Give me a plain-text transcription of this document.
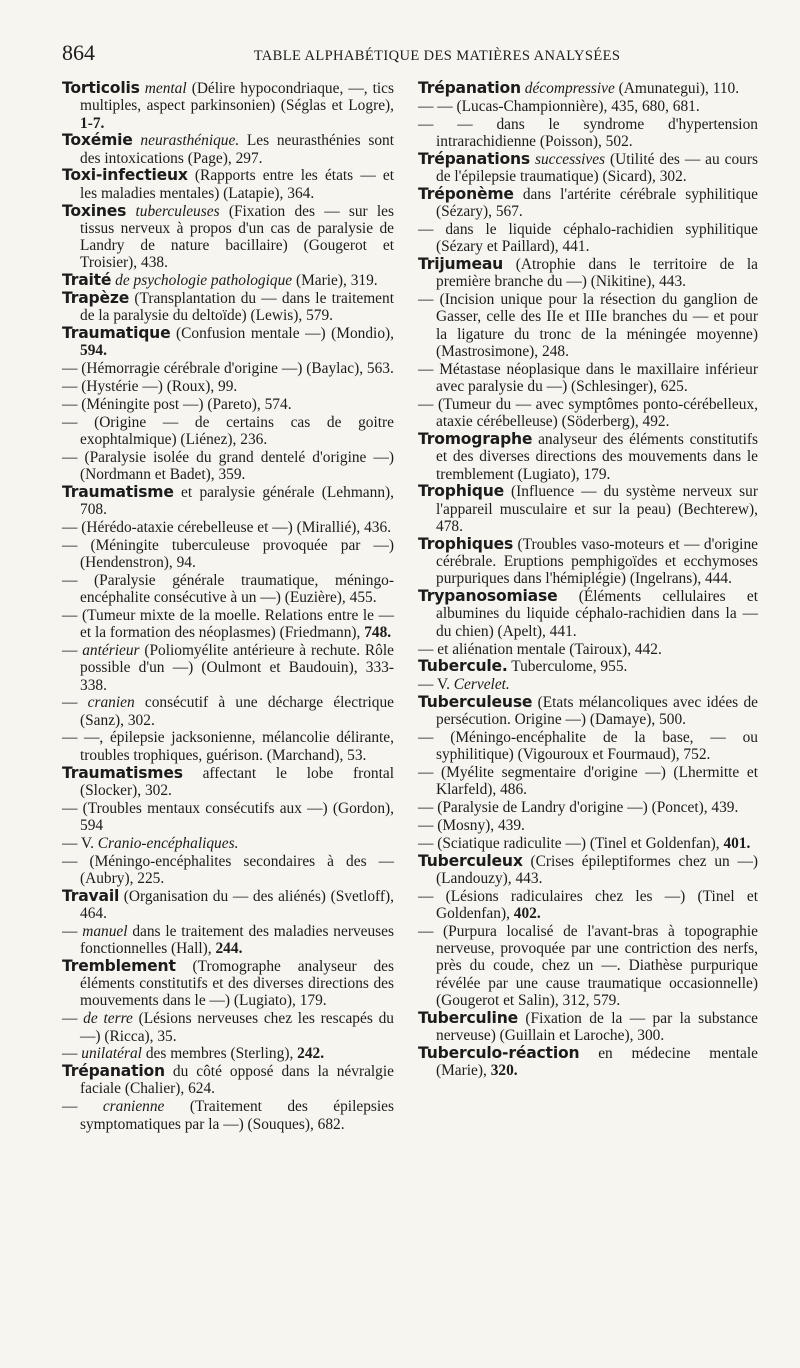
864	TABLE ALPHABÉTIQUE DES MATIÈRES ANALYSÉES

Torticolis mental (Délire hypocondriaque, —, tics multiples, aspect parkinsonien) (Séglas et Logre), 1-7.

Toxémie neurasthénique. Les neurasthénies sont des intoxications (Page), 297.

Toxi-infectieux (Rapports entre les états — et les maladies mentales) (Latapie), 364.

Toxines tuberculeuses (Fixation des — sur les tissus nerveux à propos d'un cas de paralysie de Landry de nature bacillaire) (Gougerot et Troisier), 438.

Traité de psychologie pathologique (Marie), 319.

Trapèze (Transplantation du — dans le traitement de la paralysie du deltoïde) (Lewis), 579.

Traumatique (Confusion mentale —) (Mondio), 594.

— (Hémorragie cérébrale d'origine —) (Baylac), 563.

— (Hystérie —) (Roux), 99.

— (Méningite post —) (Pareto), 574.

— (Origine — de certains cas de goitre exophtalmique) (Liénez), 236.

— (Paralysie isolée du grand dentelé d'origine —) (Nordmann et Badet), 359.

Traumatisme et paralysie générale (Lehmann), 708.

— (Hérédo-ataxie cérebelleuse et —) (Mirallié), 436.

— (Méningite tuberculeuse provoquée par —) (Hendenstron), 94.

— (Paralysie générale traumatique, méningo-encéphalite consécutive à un —) (Euzière), 455.

— (Tumeur mixte de la moelle. Relations entre le — et la formation des néoplasmes) (Friedmann), 748.

— antérieur (Poliomyélite antérieure à rechute. Rôle possible d'un —) (Oulmont et Baudouin), 333-338.

— cranien consécutif à une décharge électrique (Sanz), 302.

— —, épilepsie jacksonienne, mélancolie délirante, troubles trophiques, guérison. (Marchand), 53.

Traumatismes affectant le lobe frontal (Slocker), 302.

— (Troubles mentaux consécutifs aux —) (Gordon), 594

— V. Cranio-encéphaliques.

— (Méningo-encéphalites secondaires à des — (Aubry), 225.

Travail (Organisation du — des aliénés) (Svetloff), 464.

— manuel dans le traitement des maladies nerveuses fonctionnelles (Hall), 244.

Tremblement (Tromographe analyseur des éléments constitutifs et des diverses directions des mouvements dans le —) (Lugiato), 179.

— de terre (Lésions nerveuses chez les rescapés du —) (Ricca), 35.

— unilatéral des membres (Sterling), 242.

Trépanation du côté opposé dans la névralgie faciale (Chalier), 624.

— cranienne (Traitement des épilepsies symptomatiques par la —) (Souques), 682.

Trépanation décompressive (Amunategui), 110.

— — (Lucas-Championnière), 435, 680, 681.

— — dans le syndrome d'hypertension intrarachidienne (Poisson), 502.

Trépanations successives (Utilité des — au cours de l'épilepsie traumatique) (Sicard), 302.

Tréponème dans l'artérite cérébrale syphilitique (Sézary), 567.

— dans le liquide céphalo-rachidien syphilitique (Sézary et Paillard), 441.

Trijumeau (Atrophie dans le territoire de la première branche du —) (Nikitine), 443.

— (Incision unique pour la résection du ganglion de Gasser, celle des IIe et IIIe branches du — et pour la ligature du tronc de la méningée moyenne) (Mastrosimone), 248.

— Métastase néoplasique dans le maxillaire inférieur avec paralysie du —) (Schlesinger), 625.

— (Tumeur du — avec symptômes ponto-cérébelleux, ataxie cérébelleuse) (Söderberg), 492.

Tromographe analyseur des éléments constitutifs et des diverses directions des mouvements dans le tremblement (Lugiato), 179.

Trophique (Influence — du système nerveux sur l'appareil musculaire et sur la peau) (Bechterew), 478.

Trophiques (Troubles vaso-moteurs et — d'origine cérébrale. Eruptions pemphigoïdes et ecchymoses purpuriques dans l'hémiplégie) (Ingelrans), 444.

Trypanosomiase (Éléments cellulaires et albumines du liquide céphalo-rachidien dans la — du chien) (Apelt), 441.

— et aliénation mentale (Tairoux), 442.

Tubercule. Tuberculome, 955.

— V. Cervelet.

Tuberculeuse (Etats mélancoliques avec idées de persécution. Origine —) (Damaye), 500.

— (Méningo-encéphalite de la base, — ou syphilitique) (Vigouroux et Fourmaud), 752.

— (Myélite segmentaire d'origine —) (Lhermitte et Klarfeld), 486.

— (Paralysie de Landry d'origine —) (Poncet), 439.

— (Mosny), 439.

— (Sciatique radiculite —) (Tinel et Goldenfan), 401.

Tuberculeux (Crises épileptiformes chez un —) (Landouzy), 443.

— (Lésions radiculaires chez les —) (Tinel et Goldenfan), 402.

— (Purpura localisé de l'avant-bras à topographie nerveuse, provoquée par une contriction des nerfs, près du coude, chez un —. Diathèse purpurique révélée par une cause traumatique occasionnelle) (Gougerot et Salin), 312, 579.

Tuberculine (Fixation de la — par la substance nerveuse) (Guillain et Laroche), 300.

Tuberculo-réaction en médecine mentale (Marie), 320.
